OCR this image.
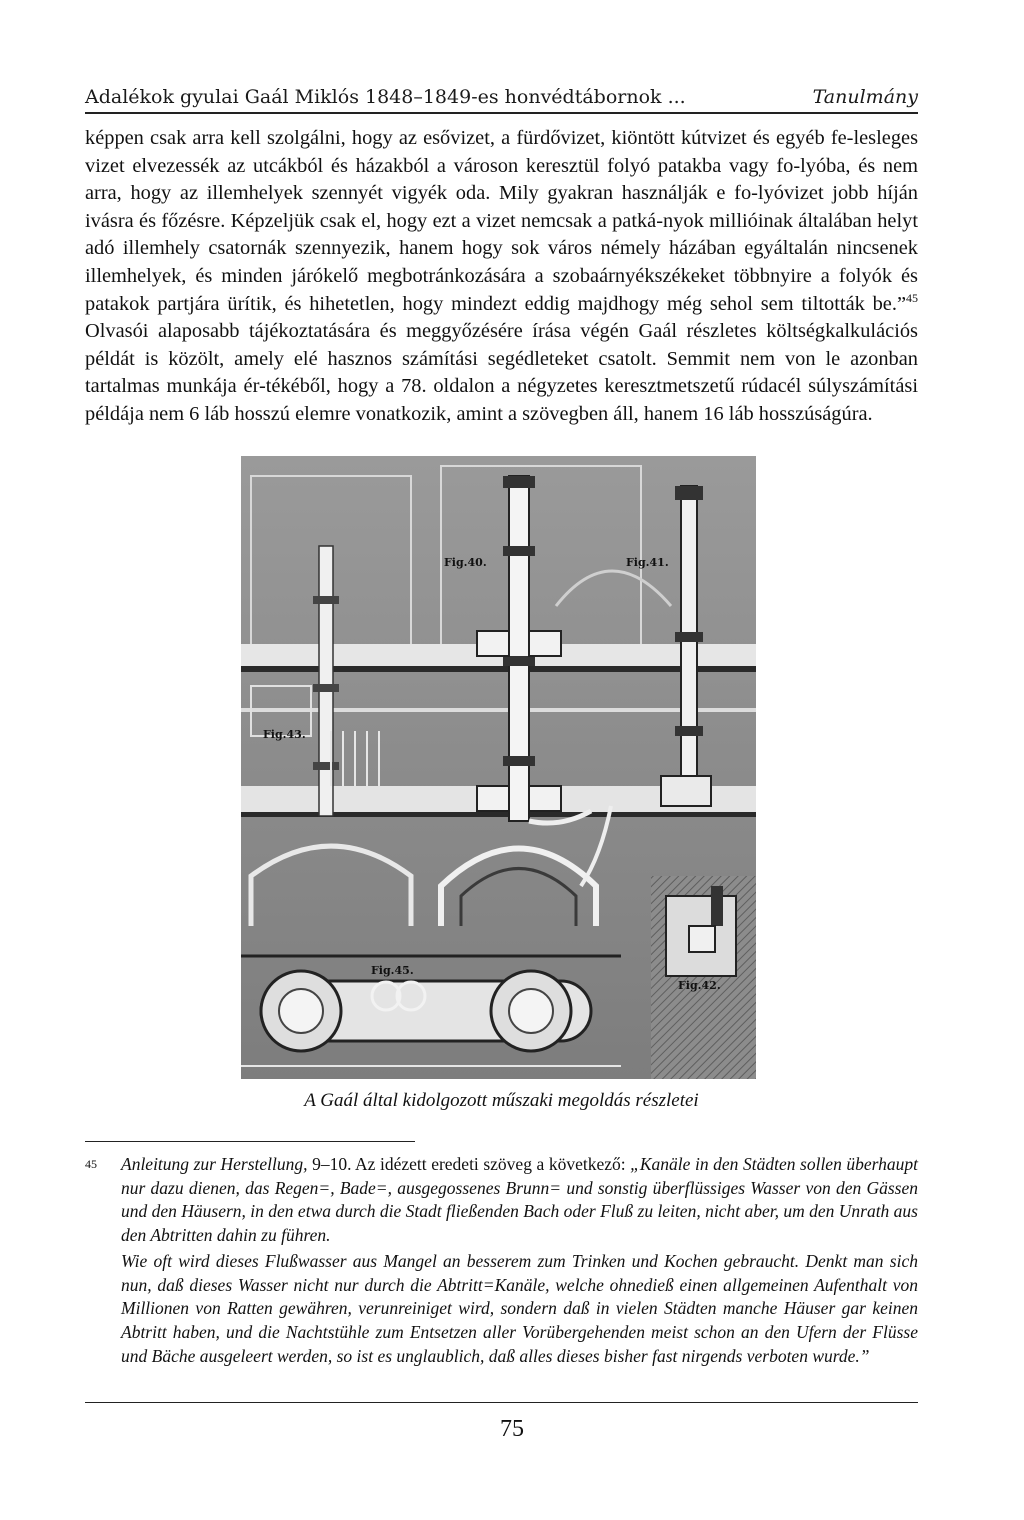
Adalékok gyulai Gaál Miklós 1848–1849-es honvédtábornok ...	Tanulmány
képpen csak arra kell szolgálni, hogy az esővizet, a fürdővizet, kiöntött kútvizet és egyéb fe-lesleges vizet elvezessék az utcákból és házakból a városon keresztül folyó patakba vagy fo-lyóba, és nem arra, hogy az illemhelyek szennyét vigyék oda. Mily gyakran használják e fo-lyóvizet jobb híján ivásra és főzésre. Képzeljük csak el, hogy ezt a vizet nemcsak a patká-nyok millióinak általában helyt adó illemhely csatornák szennyezik, hanem hogy sok város némely házában egyáltalán nincsenek illemhelyek, és minden járókelő megbotránkozására a szobaárnyékszékeket többnyire a folyók és patakok partjára ürítik, és hihetetlen, hogy mindezt eddig majdhogy még sehol sem tiltották be.”$^{45}$ Olvasói alaposabb tájékoztatására és meggyőzésére írása végén Gaál részletes költségkalkulációs példát is közölt, amely elé hasznos számítási segédleteket csatolt. Semmit nem von le azonban tartalmas munkája ér-tékéből, hogy a 78. oldalon a négyzetes keresztmetszetű rúdacél súlyszámítási példája nem 6 láb hosszú elemre vonatkozik, amint a szövegben áll, hanem 16 láb hosszúságúra.
Fig.40.	Fig.41.
Fig.43.
Fig.45.
Fig.42.
A Gaál által kidolgozott műszaki megoldás részletei
45 Anleitung zur Herstellung, 9–10. Az idézett eredeti szöveg a következő: „Kanäle in den Städten sollen überhaupt nur dazu dienen, das Regen=, Bade=, ausgegossenes Brunn= und sonstig überflüssiges Wasser von den Gässen und den Häusern, in den etwa durch die Stadt fließenden Bach oder Fluß zu leiten, nicht aber, um den Unrath aus den Abtritten dahin zu führen.

Wie oft wird dieses Flußwasser aus Mangel an besserem zum Trinken und Kochen gebraucht. Denkt man sich nun, daß dieses Wasser nicht nur durch die Abtritt=Kanäle, welche ohnedieß einen allgemeinen Aufenthalt von Millionen von Ratten gewähren, verunreiniget wird, sondern daß in vielen Städten manche Häuser gar keinen Abtritt haben, und die Nachtstühle zum Entsetzen aller Vorübergehenden meist schon an den Ufern der Flüsse und Bäche ausgeleert werden, so ist es unglaublich, daß alles dieses bisher fast nirgends verboten wurde.”

75
